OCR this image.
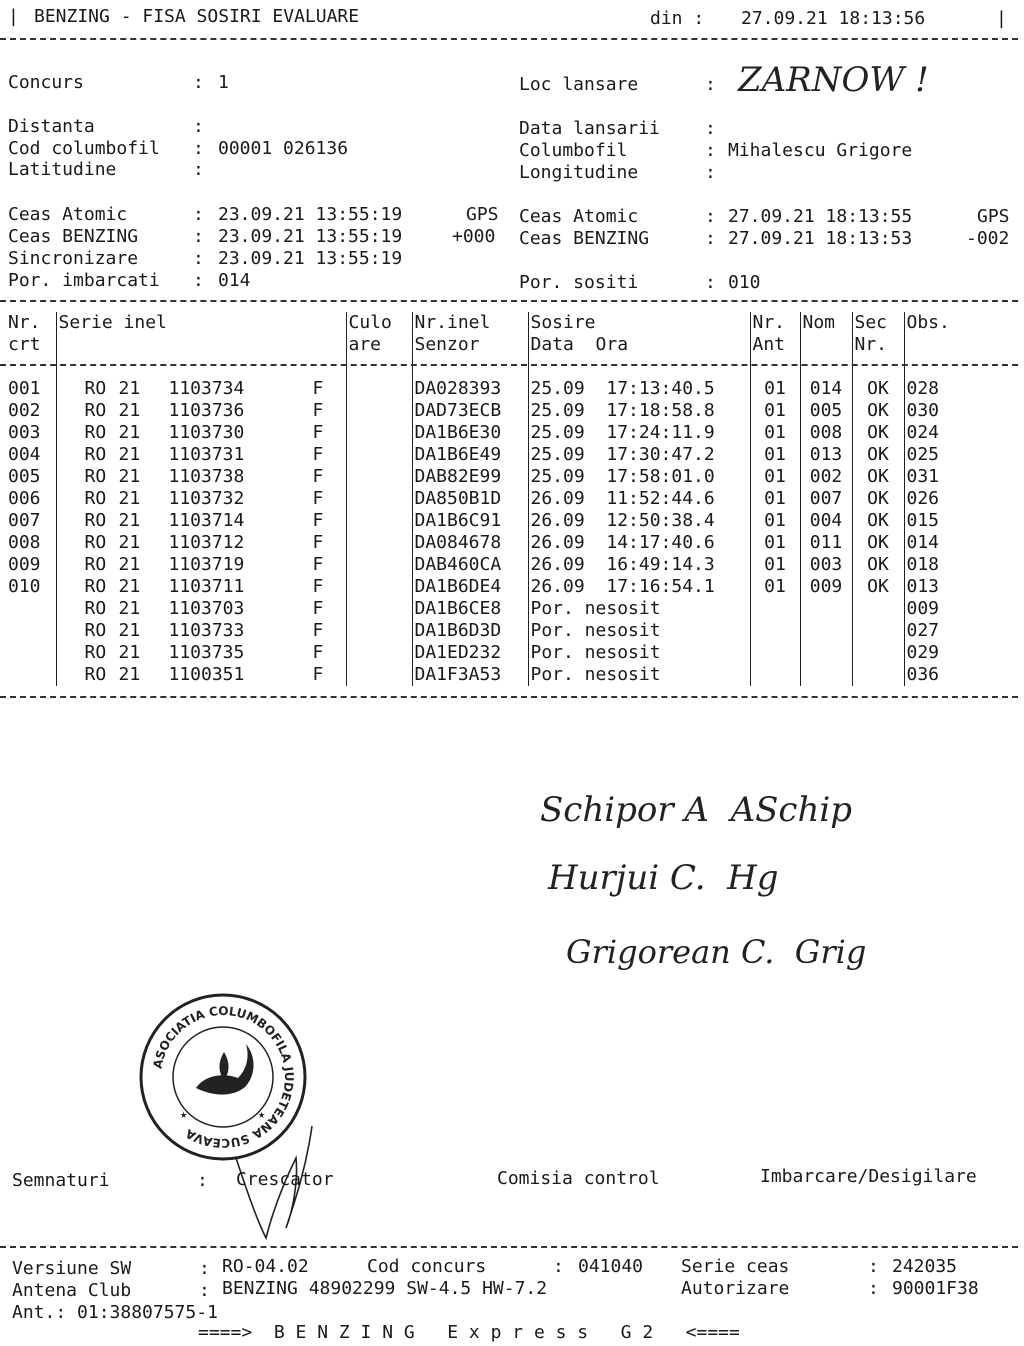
| BENZING - FISA SOSIRI EVALUARE	din : 27.09.21 18:13:56	|
Concurs	: 1	Loc lansare	: ZARNOW !
Distanta	:	Data lansarii	:
Cod columbofil : 00001 026136	Columbofil	: Mihalescu Grigore
Latitudine	:	Longitudine	:
Ceas Atomic	: 23.09.21 13:55:19	GPS Ceas Atomic	: 27.09.21 18:13:55	GPS
Ceas BENZING	: 23.09.21 13:55:19	+000 Ceas BENZING	: 27.09.21 18:13:53	-002
Sincronizare	: 23.09.21 13:55:19
Por. imbarcati : 014	Por. sositi	: 010
Nr.	Serie inel	Culo	Nr.inel	Sosire	Nr.	Nom	Sec	Obs.
crt		are	Senzor	Data  Ora	Ant		Nr.	

001	RO 21 1103734 F		DA028393	25.09  17:13:40.5	01	014	OK	028
002	RO 21 1103736 F		DAD73ECB	25.09  17:18:58.8	01	005	OK	030
003	RO 21 1103730 F		DA1B6E30	25.09  17:24:11.9	01	008	OK	024
004	RO 21 1103731 F		DA1B6E49	25.09  17:30:47.2	01	013	OK	025
005	RO 21 1103738 F		DAB82E99	25.09  17:58:01.0	01	002	OK	031
006	RO 21 1103732 F		DA850B1D	26.09  11:52:44.6	01	007	OK	026
007	RO 21 1103714 F		DA1B6C91	26.09  12:50:38.4	01	004	OK	015
008	RO 21 1103712 F		DA084678	26.09  14:17:40.6	01	011	OK	014
009	RO 21 1103719 F		DAB460CA	26.09  16:49:14.3	01	003	OK	018
010	RO 21 1103711 F		DA1B6DE4	26.09  17:16:54.1	01	009	OK	013

	RO 21 1103703 F		DA1B6CE8	Por. nesosit				009

	RO 21 1103733 F		DA1B6D3D	Por. nesosit				027

	RO 21 1103735 F		DA1ED232	Por. nesosit				029

	RO 21 1100351 F		DA1F3A53	Por. nesosit				036
Schipor A  ASchip
Hurjui C.  Hg
Grigorean C.  Grig
ASOCIATIA COLUMBOFILA JUDETEANA SUCEAVA
★	★
Semnaturi	: Crescator	Comisia control	Imbarcare/Desigilare
Versiune SW	: RO-04.02	Cod concurs	: 041040 Serie ceas	: 242035
Antena Club	: BENZING 48902299 SW-4.5 HW-7.2	Autorizare	: 90001F38
Ant.: 01:38807575-1
====>  B E N Z I N G   E x p r e s s   G 2   <====
